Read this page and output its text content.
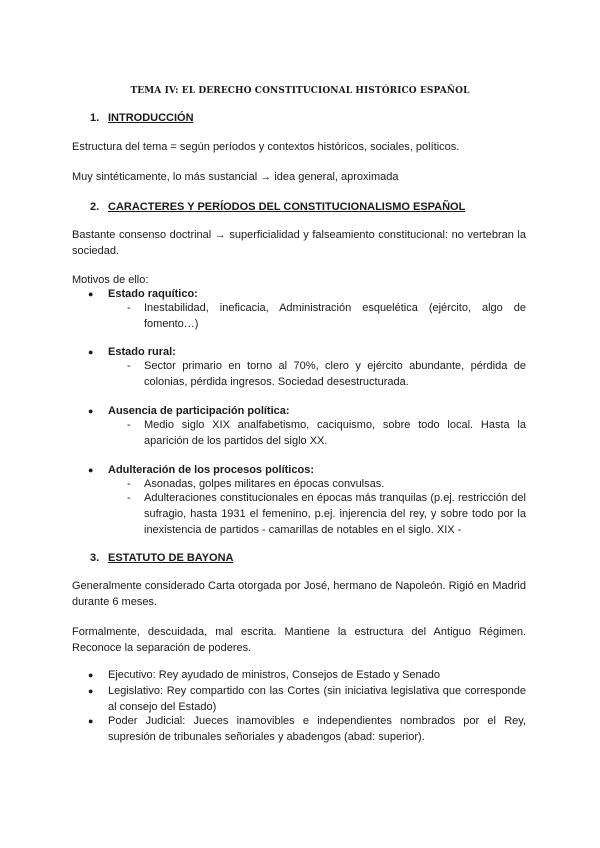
TEMA IV: EL DERECHO CONSTITUCIONAL HISTÓRICO ESPAÑOL
1. INTRODUCCIÓN
Estructura del tema = según períodos y contextos históricos, sociales, políticos.
Muy sintéticamente, lo más sustancial → idea general, aproximada
2. CARACTERES Y PERÍODOS DEL CONSTITUCIONALISMO ESPAÑOL
Bastante consenso doctrinal → superficialidad y falseamiento constitucional: no vertebran la sociedad.
Motivos de ello:
● Estado raquítico:
- Inestabilidad, ineficacia, Administración esquelética (ejército, algo de fomento…)
● Estado rural:
- Sector primario en torno al 70%, clero y ejército abundante, pérdida de colonias, pérdida ingresos. Sociedad desestructurada.
● Ausencia de participación política:
- Medio siglo XIX analfabetismo, caciquismo, sobre todo local. Hasta la aparición de los partidos del siglo XX.
● Adulteración de los procesos políticos:
- Asonadas, golpes militares en épocas convulsas.
- Adulteraciones constitucionales en épocas más tranquilas (p.ej. restricción del sufragio, hasta 1931 el femenino, p.ej. injerencia del rey, y sobre todo por la inexistencia de partidos - camarillas de notables en el siglo. XIX -
3. ESTATUTO DE BAYONA
Generalmente considerado Carta otorgada por José, hermano de Napoleón. Rigió en Madrid durante 6 meses.
Formalmente, descuidada, mal escrita. Mantiene la estructura del Antiguo Régimen. Reconoce la separación de poderes.
● Ejecutivo: Rey ayudado de ministros, Consejos de Estado y Senado
● Legislativo: Rey compartido con las Cortes (sin iniciativa legislativa que corresponde al consejo del Estado)
● Poder Judicial: Jueces inamovibles e independientes nombrados por el Rey, supresión de tribunales señoriales y abadengos (abad: superior).
